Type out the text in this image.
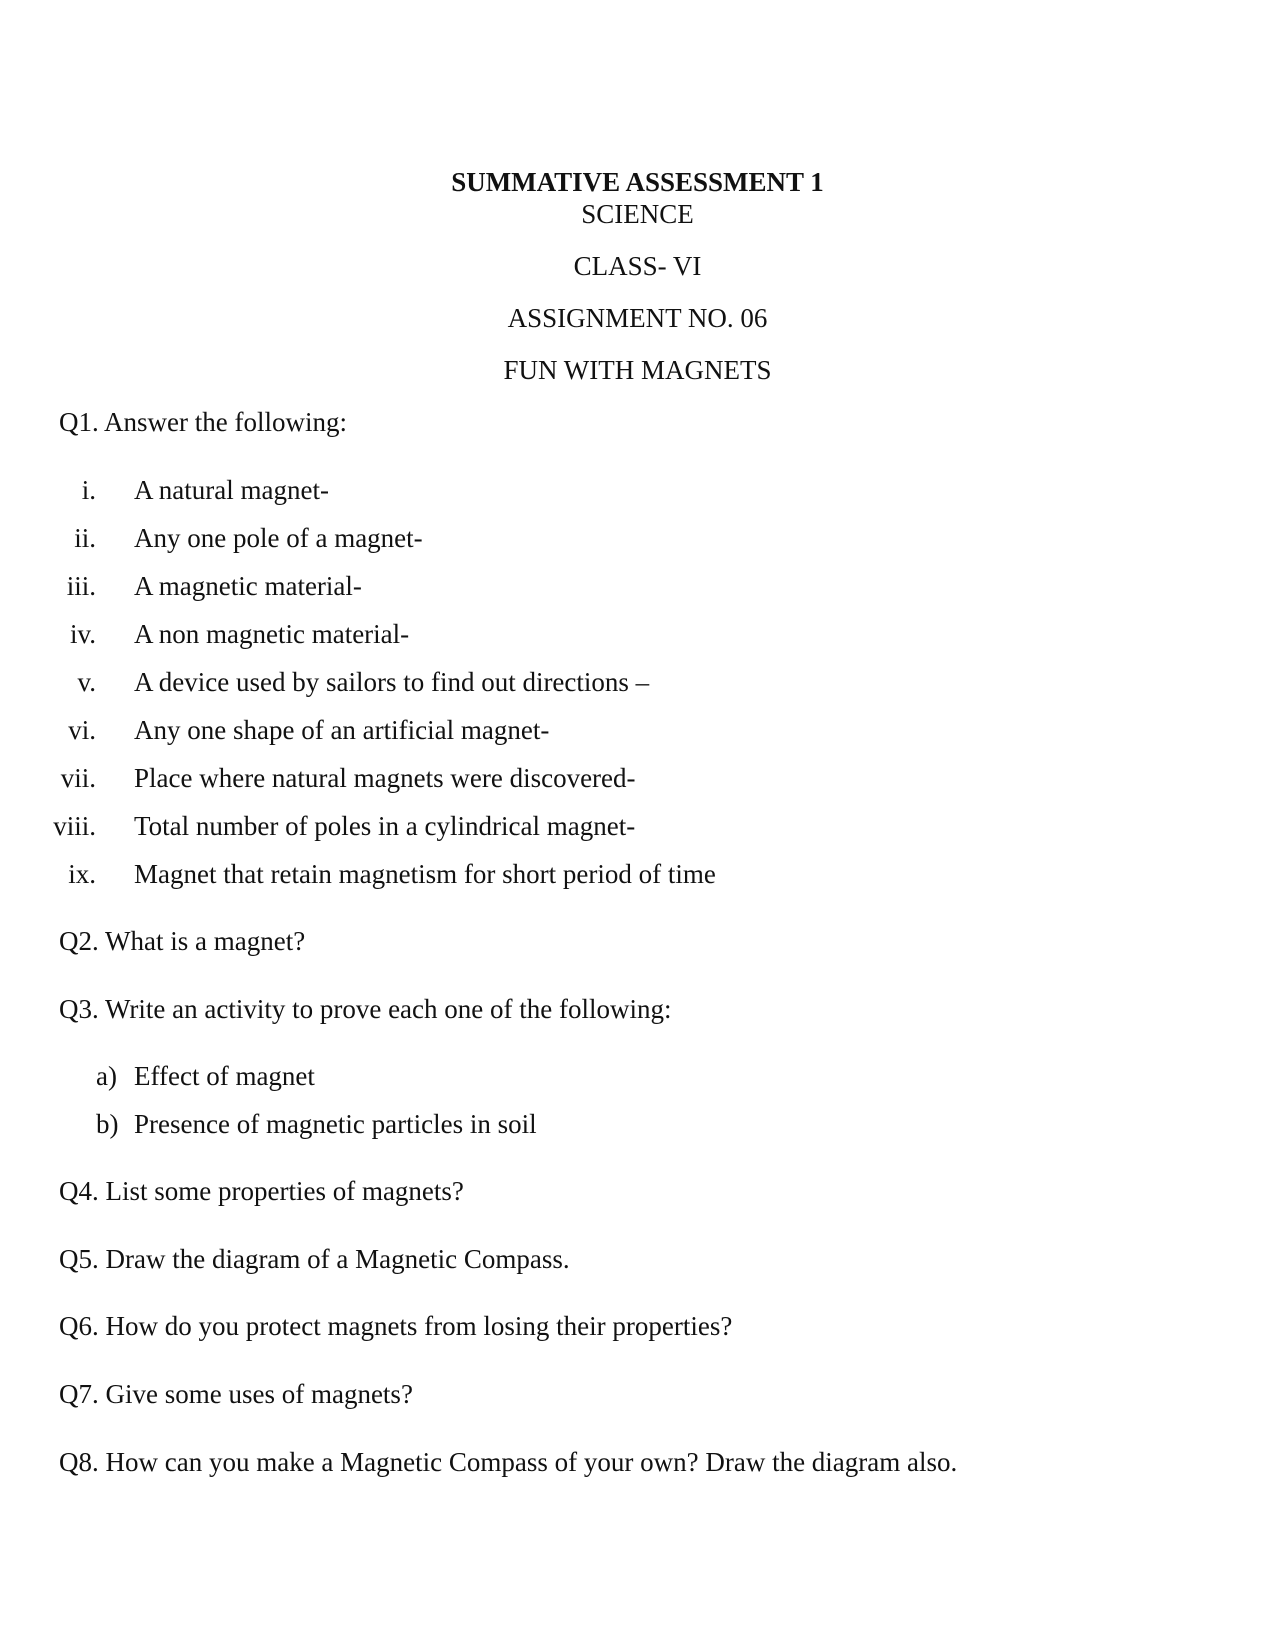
SUMMATIVE ASSESSMENT 1
SCIENCE
CLASS- VI
ASSIGNMENT NO. 06
FUN WITH MAGNETS
Q1. Answer the following:
i. A natural magnet-
ii. Any one pole of a magnet-
iii. A magnetic material-
iv. A non magnetic material-
v. A device used by sailors to find out directions –
vi. Any one shape of an artificial magnet-
vii. Place where natural magnets were discovered-
viii. Total number of poles in a cylindrical magnet-
ix. Magnet that retain magnetism for short period of time
Q2. What is a magnet?
Q3. Write an activity to prove each one of the following:
a) Effect of magnet
b) Presence of magnetic particles in soil
Q4. List some properties of magnets?
Q5. Draw the diagram of a Magnetic Compass.
Q6. How do you protect magnets from losing their properties?
Q7. Give some uses of magnets?
Q8. How can you make a Magnetic Compass of your own? Draw the diagram also.
